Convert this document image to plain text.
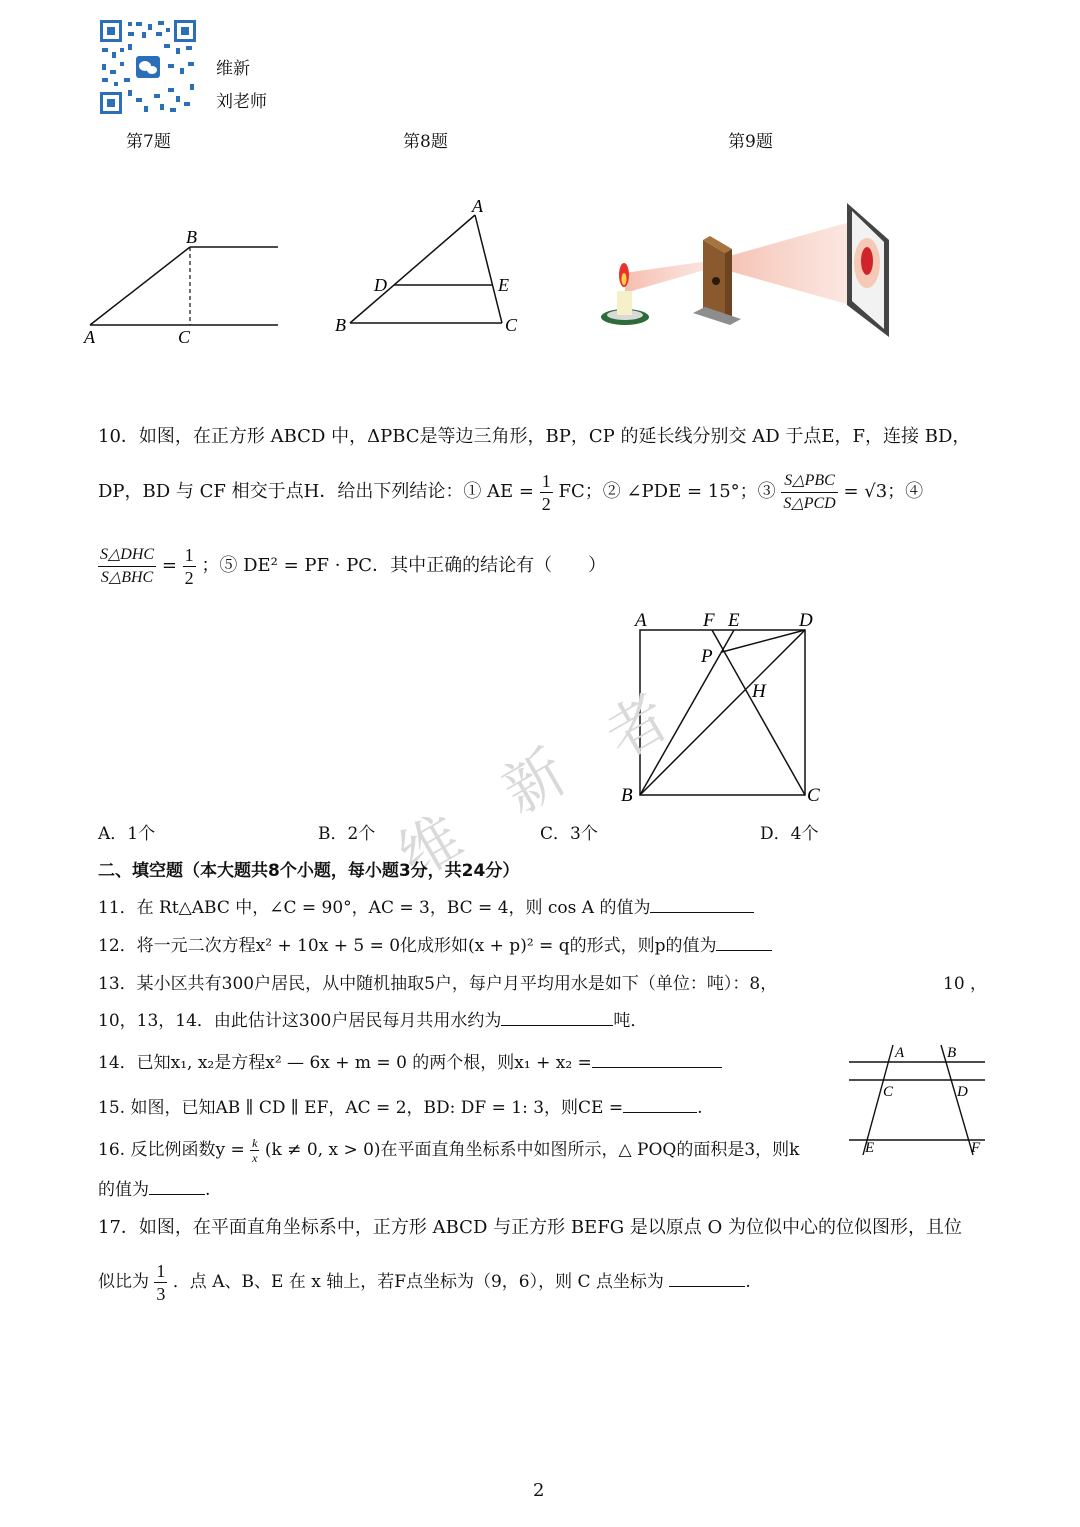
维新
刘老师
第7题	第8题	第9题
B
A	C
A
D	E
B	C
10．如图，在正方形 ABCD 中，ΔPBC是等边三角形，BP，CP 的延长线分别交 AD 于点E，F，连接 BD，
DP，BD 与 CF 相交于点H．给出下列结论：① AE = $\frac{1}{2}$ FC；② ∠PDE = 15°；③ $\frac{\text{S△PBC}}{\text{S△PCD}} = √3$；④
$\frac{\text{S△DHC}}{\text{S△BHC}} = \frac{1}{2}$ ；⑤ DE² = PF · PC．其中正确的结论有（　　）
A	F E	D
P
H
B	C
维
新
者
A．1个	B．2个	C．3个	D．4个
二、填空题（本大题共8个小题，每小题3分，共24分）
11．在 Rt△ABC 中，∠C = 90°，AC = 3，BC = 4，则 cos A 的值为
12．将一元二次方程x² + 10x + 5 = 0化成形如(x + p)² = q的形式，则p的值为
13．某小区共有300户居民，从中随机抽取5户，每户月平均用水是如下（单位：吨）：8，	10 ，
10，13，14．由此估计这300户居民每月共用水约为	吨．
14．已知x₁, x₂是方程x² — 6x + m = 0 的两个根，则x₁ + x₂ =	A	B
C	D
E	F
15. 如图，已知AB ∥ CD ∥ EF，AC = 2，BD: DF = 1: 3，则CE =	.
16. 反比例函数$y = \frac{k}{x} (k \ne 0$, x > 0)在平面直角坐标系中如图所示，△ POQ的面积是3，则k
的值为	.
17．如图，在平面直角坐标系中，正方形 ABCD 与正方形 BEFG 是以原点 O 为位似中心的位似图形，且位
似比为 $\frac{1}{3}$ ．点 A、B、E 在 x 轴上，若F点坐标为（9，6），则 C 点坐标为	.
2
